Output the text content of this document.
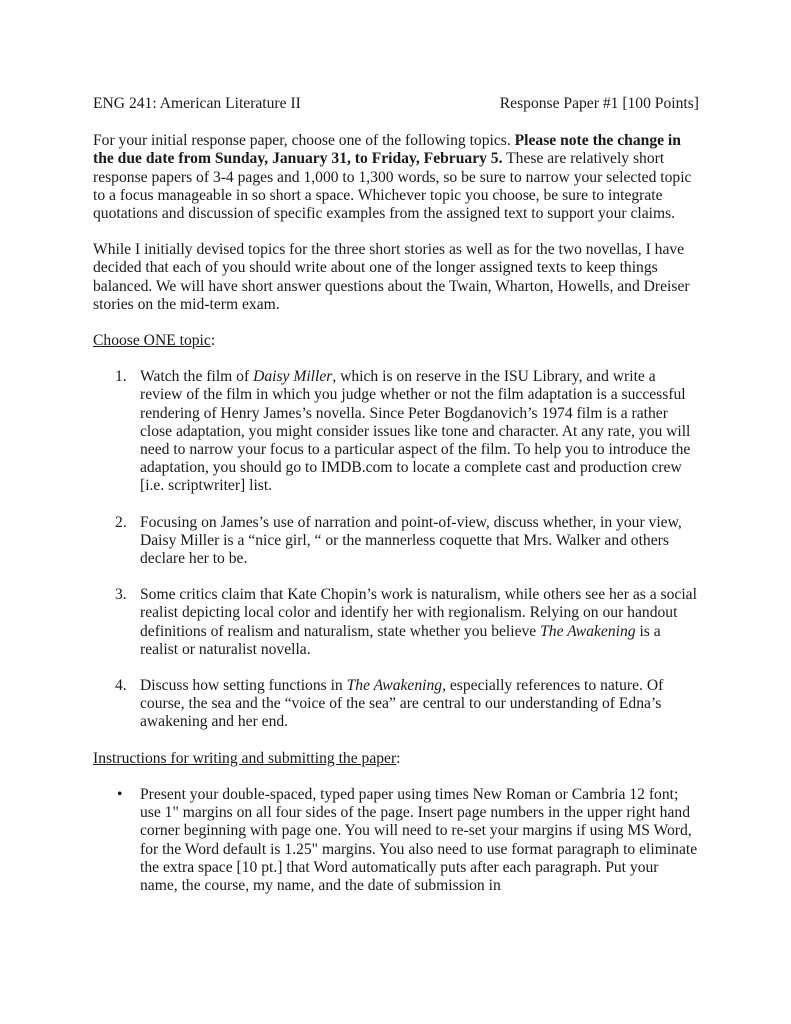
ENG 241: American Literature II	Response Paper #1 [100 Points]

For your initial response paper, choose one of the following topics. Please note the change in the due date from Sunday, January 31, to Friday, February 5. These are relatively short response papers of 3-4 pages and 1,000 to 1,300 words, so be sure to narrow your selected topic to a focus manageable in so short a space. Whichever topic you choose, be sure to integrate quotations and discussion of specific examples from the assigned text to support your claims.

While I initially devised topics for the three short stories as well as for the two novellas, I have decided that each of you should write about one of the longer assigned texts to keep things balanced. We will have short answer questions about the Twain, Wharton, Howells, and Dreiser stories on the mid-term exam.

Choose ONE topic:
1. Watch the film of Daisy Miller, which is on reserve in the ISU Library, and write a review of the film in which you judge whether or not the film adaptation is a successful rendering of Henry James’s novella. Since Peter Bogdanovich’s 1974 film is a rather close adaptation, you might consider issues like tone and character. At any rate, you will need to narrow your focus to a particular aspect of the film. To help you to introduce the adaptation, you should go to IMDB.com to locate a complete cast and production crew [i.e. scriptwriter] list.
2. Focusing on James’s use of narration and point-of-view, discuss whether, in your view, Daisy Miller is a “nice girl, “ or the mannerless coquette that Mrs. Walker and others declare her to be.
3. Some critics claim that Kate Chopin’s work is naturalism, while others see her as a social realist depicting local color and identify her with regionalism. Relying on our handout definitions of realism and naturalism, state whether you believe The Awakening is a realist or naturalist novella.
4. Discuss how setting functions in The Awakening, especially references to nature. Of course, the sea and the “voice of the sea” are central to our understanding of Edna’s awakening and her end.
Instructions for writing and submitting the paper:
• Present your double-spaced, typed paper using times New Roman or Cambria 12 font; use 1" margins on all four sides of the page. Insert page numbers in the upper right hand corner beginning with page one. You will need to re-set your margins if using MS Word, for the Word default is 1.25" margins. You also need to use format paragraph to eliminate the extra space [10 pt.] that Word automatically puts after each paragraph. Put your name, the course, my name, and the date of submission in
